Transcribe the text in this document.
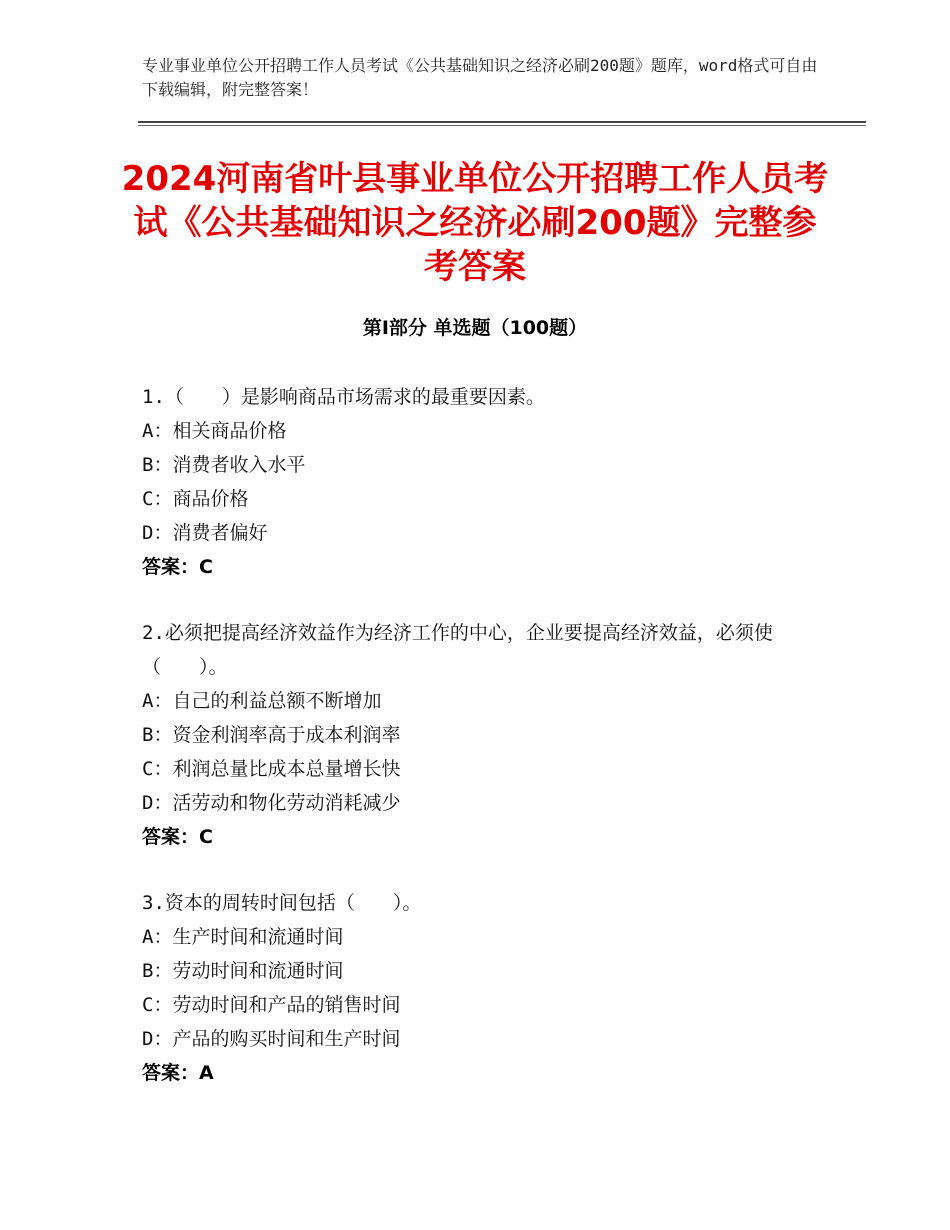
专业事业单位公开招聘工作人员考试《公共基础知识之经济必刷200题》题库，word格式可自由下载编辑，附完整答案！
2024河南省叶县事业单位公开招聘工作人员考试《公共基础知识之经济必刷200题》完整参考答案
第Ⅰ部分 单选题（100题）

1.（　　）是影响商品市场需求的最重要因素。

A：相关商品价格

B：消费者收入水平

C：商品价格

D：消费者偏好

答案：C

2.必须把提高经济效益作为经济工作的中心，企业要提高经济效益，必须使（　　）。

A：自己的利益总额不断增加

B：资金利润率高于成本利润率

C：利润总量比成本总量增长快

D：活劳动和物化劳动消耗减少

答案：C

3.资本的周转时间包括（　　）。

A：生产时间和流通时间

B：劳动时间和流通时间

C：劳动时间和产品的销售时间

D：产品的购买时间和生产时间

答案：A
